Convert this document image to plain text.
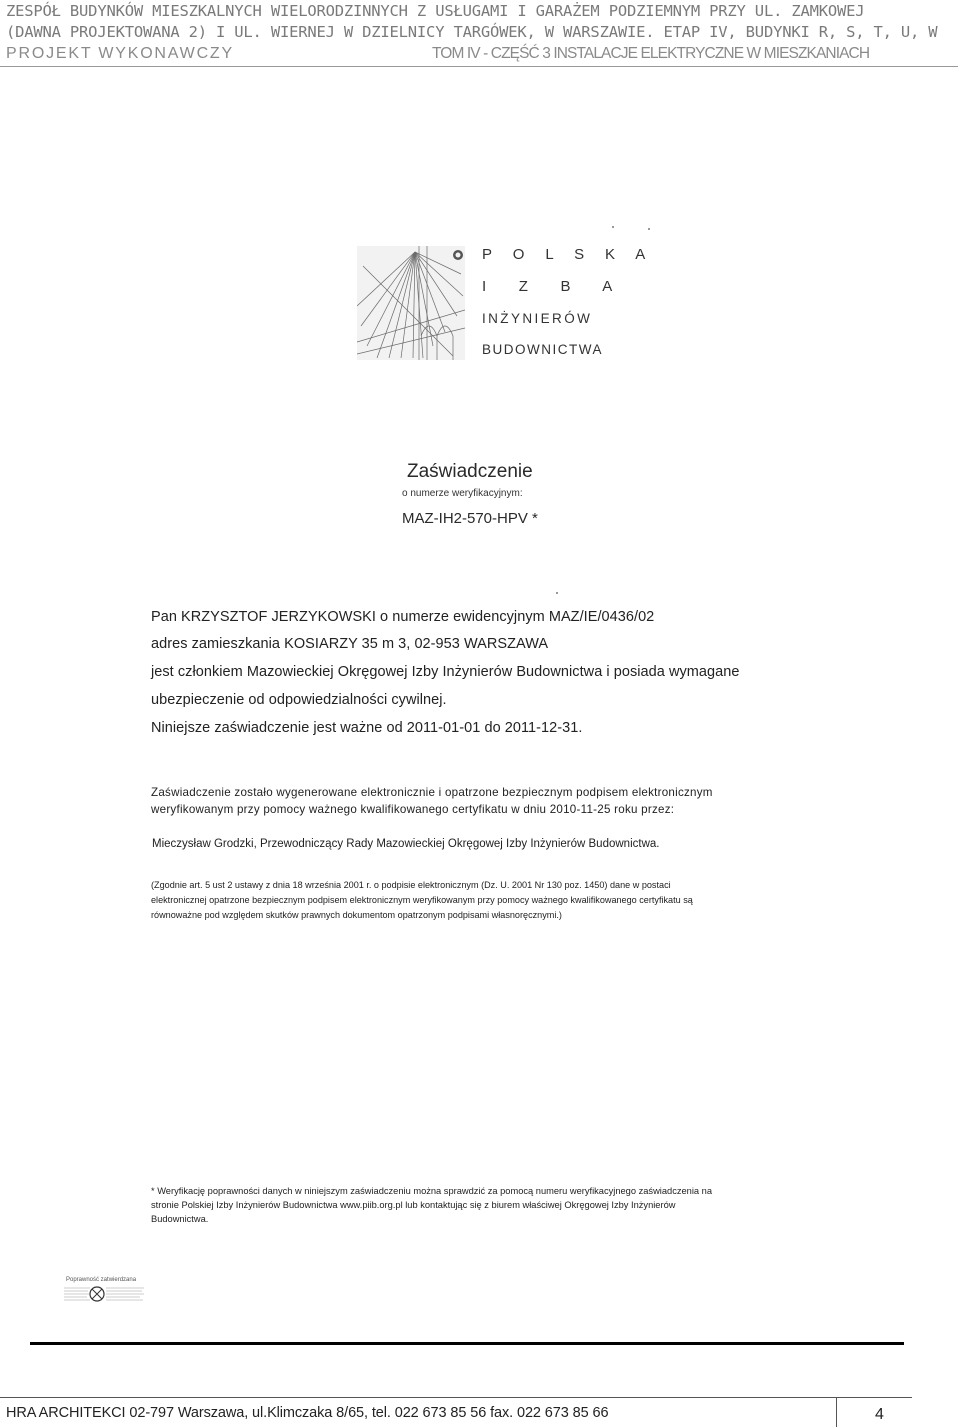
ZESPÓŁ BUDYNKÓW MIESZKALNYCH WIELORODZINNYCH Z USŁUGAMI I GARAŻEM PODZIEMNYM PRZY UL. ZAMKOWEJ
(DAWNA PROJEKTOWANA 2) I UL. WIERNEJ W DZIELNICY TARGÓWEK, W WARSZAWIE. ETAP IV, BUDYNKI R, S, T, U, W
PROJEKT WYKONAWCZY	TOM IV - CZĘŚĆ 3 INSTALACJE ELEKTRYCZNE W MIESZKANIACH
P O L S K A
I Z B A
INŻYNIERÓW
BUDOWNICTWA
Zaświadczenie
o numerze weryfikacyjnym:
MAZ-IH2-570-HPV *
Pan KRZYSZTOF JERZYKOWSKI o numerze ewidencyjnym MAZ/IE/0436/02
adres zamieszkania KOSIARZY 35 m 3, 02-953 WARSZAWA
jest członkiem Mazowieckiej Okręgowej Izby Inżynierów Budownictwa i posiada wymagane
ubezpieczenie od odpowiedzialności cywilnej.
Niniejsze zaświadczenie jest ważne od 2011-01-01 do 2011-12-31.
Zaświadczenie zostało wygenerowane elektronicznie i opatrzone bezpiecznym podpisem elektronicznym
weryfikowanym przy pomocy ważnego kwalifikowanego certyfikatu w dniu 2010-11-25 roku przez:
Mieczysław Grodzki, Przewodniczący Rady Mazowieckiej Okręgowej Izby Inżynierów Budownictwa.
(Zgodnie art. 5 ust 2 ustawy z dnia 18 września 2001 r. o podpisie elektronicznym (Dz. U. 2001 Nr 130 poz. 1450) dane w postaci
elektronicznej opatrzone bezpiecznym podpisem elektronicznym weryfikowanym przy pomocy ważnego kwalifikowanego certyfikatu są
równoważne pod względem skutków prawnych dokumentom opatrzonym podpisami własnoręcznymi.)
* Weryfikację poprawności danych w niniejszym zaświadczeniu można sprawdzić za pomocą numeru weryfikacyjnego zaświadczenia na
stronie Polskiej Izby Inżynierów Budownictwa www.piib.org.pl lub kontaktując się z biurem właściwej Okręgowej Izby Inżynierów
Budownictwa.
Poprawność zatwierdzana
HRA ARCHITEKCI 02-797 Warszawa, ul.Klimczaka 8/65, tel. 022 673 85 56 fax. 022 673 85 66	4
